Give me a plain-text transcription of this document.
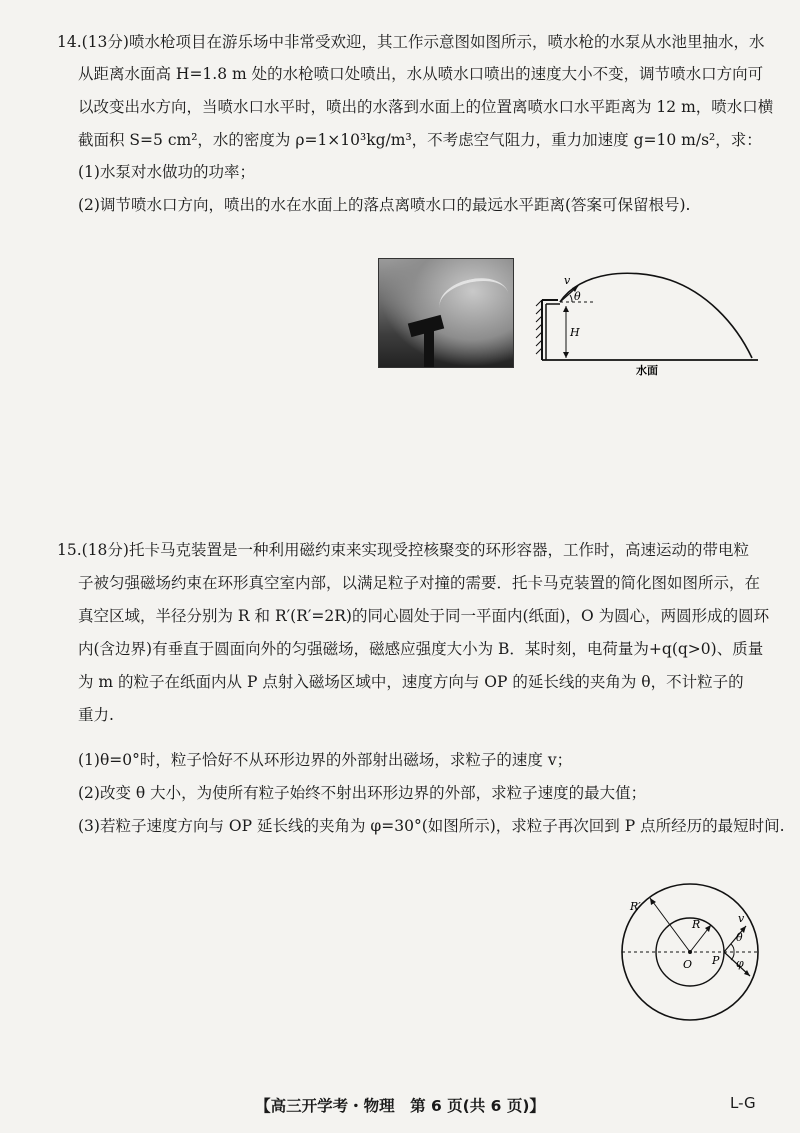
14.(13分)喷水枪项目在游乐场中非常受欢迎，其工作示意图如图所示，喷水枪的水泵从水池里抽水，水
从距离水面高 H=1.8 m 处的水枪喷口处喷出，水从喷水口喷出的速度大小不变，调节喷水口方向可
以改变出水方向，当喷水口水平时，喷出的水落到水面上的位置离喷水口水平距离为 12 m，喷水口横
截面积 S=5 cm²，水的密度为 ρ=1×10³kg/m³，不考虑空气阻力，重力加速度 g=10 m/s²，求：
(1)水泵对水做功的功率；
(2)调节喷水口方向，喷出的水在水面上的落点离喷水口的最远水平距离(答案可保留根号).
v
θ
H
水面
15.(18分)托卡马克装置是一种利用磁约束来实现受控核聚变的环形容器，工作时，高速运动的带电粒
子被匀强磁场约束在环形真空室内部，以满足粒子对撞的需要．托卡马克装置的简化图如图所示，在
真空区域，半径分别为 R 和 R′(R′=2R)的同心圆处于同一平面内(纸面)，O 为圆心，两圆形成的圆环
内(含边界)有垂直于圆面向外的匀强磁场，磁感应强度大小为 B．某时刻，电荷量为+q(q>0)、质量
为 m 的粒子在纸面内从 P 点射入磁场区域中，速度方向与 OP 的延长线的夹角为 θ，不计粒子的
重力.
(1)θ=0°时，粒子恰好不从环形边界的外部射出磁场，求粒子的速度 v；
(2)改变 θ 大小，为使所有粒子始终不射出环形边界的外部，求粒子速度的最大值；
(3)若粒子速度方向与 OP 延长线的夹角为 φ=30°(如图所示)，求粒子再次回到 P 点所经历的最短时间.
R′
R
O P
v
θ
φ
【高三开学考・物理　第 6 页(共 6 页)】	L-G
